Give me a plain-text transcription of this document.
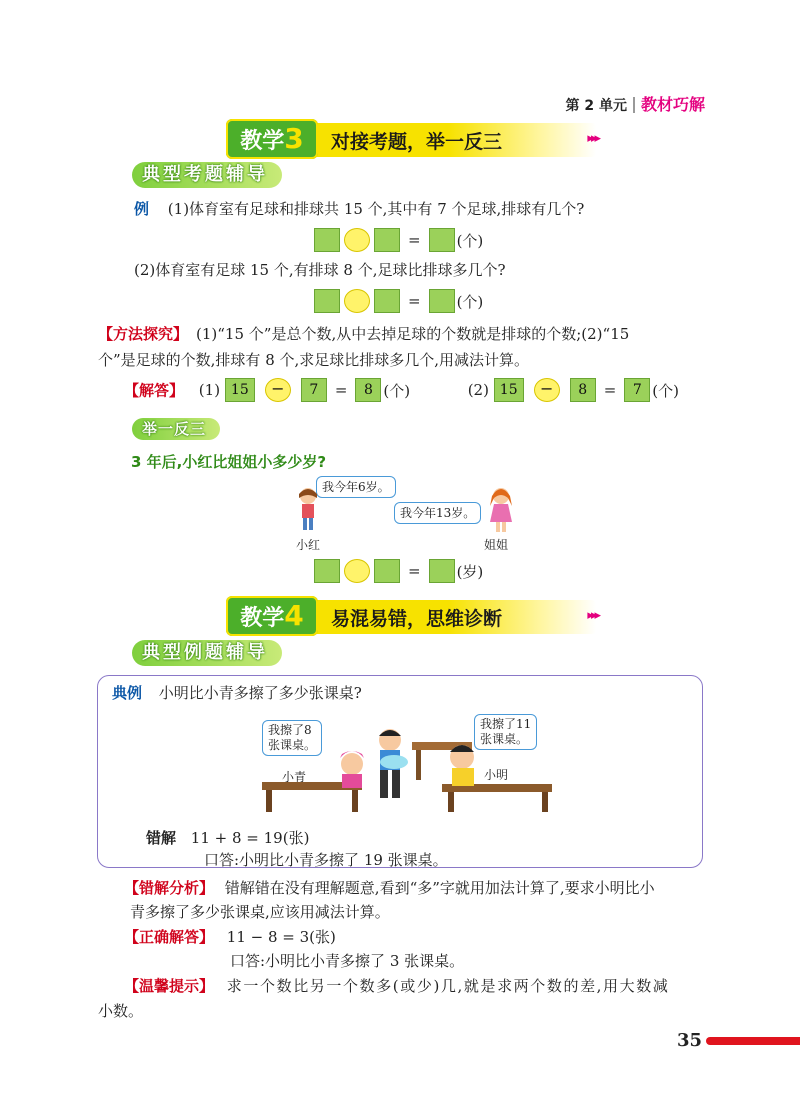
第 2 单元 教材巧解
教学3	对接考题，举一反三	▸▸▸
典型考题辅导
例 (1)体育室有足球和排球共 15 个,其中有 7 个足球,排球有几个?
= (个)
(2)体育室有足球 15 个,有排球 8 个,足球比排球多几个?
= (个)
【方法探究】 (1)“15 个”是总个数,从中去掉足球的个数就是排球的个数;(2)“15
个”是足球的个数,排球有 8 个,求足球比排球多几个,用减法计算。
【解答】 (1) 15 − 7 = 8 (个)	(2) 15 − 8 = 7 (个)
举一反三
3 年后,小红比姐姐小多少岁?
我今年6岁。
我今年13岁。
小红	姐姐
= (岁)
教学4	易混易错，思维诊断	▸▸▸
典型例题辅导
典例 小明比小青多擦了多少张课桌?
我擦了8
张课桌。
我擦了11
张课桌。
小青	小明
错解 11 + 8 = 19(张)
口答:小明比小青多擦了 19 张课桌。
【错解分析】 错解错在没有理解题意,看到“多”字就用加法计算了,要求小明比小
青多擦了多少张课桌,应该用减法计算。
【正确解答】 11 − 8 = 3(张)
口答:小明比小青多擦了 3 张课桌。
【温馨提示】 求一个数比另一个数多(或少)几,就是求两个数的差,用大数减
小数。
35
